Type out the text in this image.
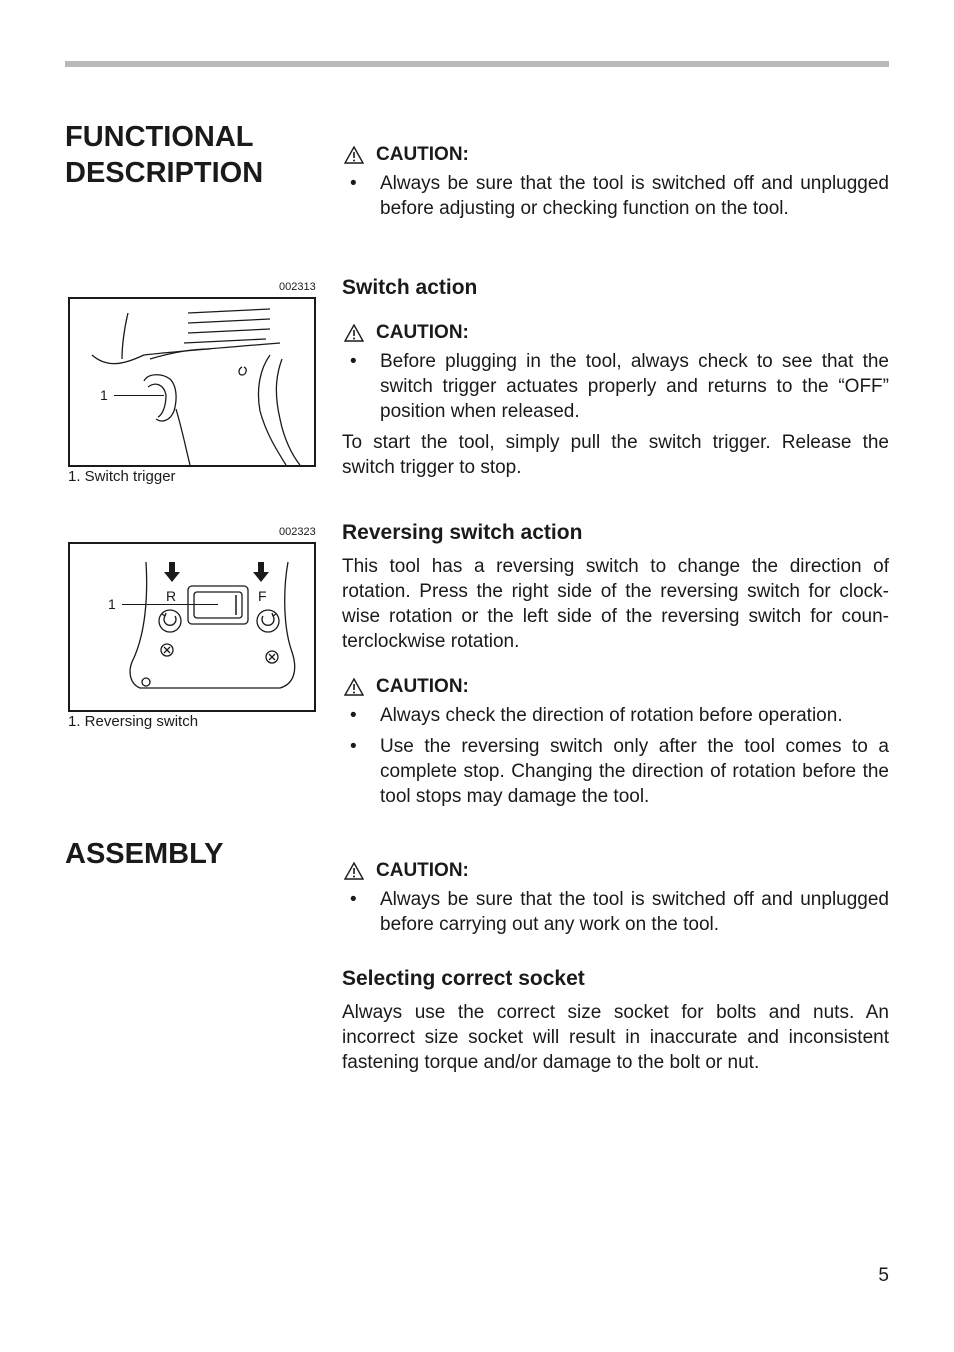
FUNCTIONAL DESCRIPTION
CAUTION:
• Always be sure that the tool is switched off and unplugged before adjusting or checking function on the tool.
Switch action
CAUTION:
• Before plugging in the tool, always check to see that the switch trigger actuates properly and returns to the “OFF” position when released.
To start the tool, simply pull the switch trigger. Release the switch trigger to stop.
Reversing switch action
This tool has a reversing switch to change the direction of rotation. Press the right side of the reversing switch for clock-wise rotation or the left side of the reversing switch for coun-terclockwise rotation.
CAUTION:
• Always check the direction of rotation before operation.
• Use the reversing switch only after the tool comes to a complete stop. Changing the direction of rotation before the tool stops may damage the tool.
ASSEMBLY
CAUTION:
• Always be sure that the tool is switched off and unplugged before carrying out any work on the tool.
Selecting correct socket
Always use the correct size socket for bolts and nuts. An incorrect size socket will result in inaccurate and inconsistent fastening torque and/or damage to the bolt or nut.
002313
1
1. Switch trigger
002323
R	F
1
1. Reversing switch
5
